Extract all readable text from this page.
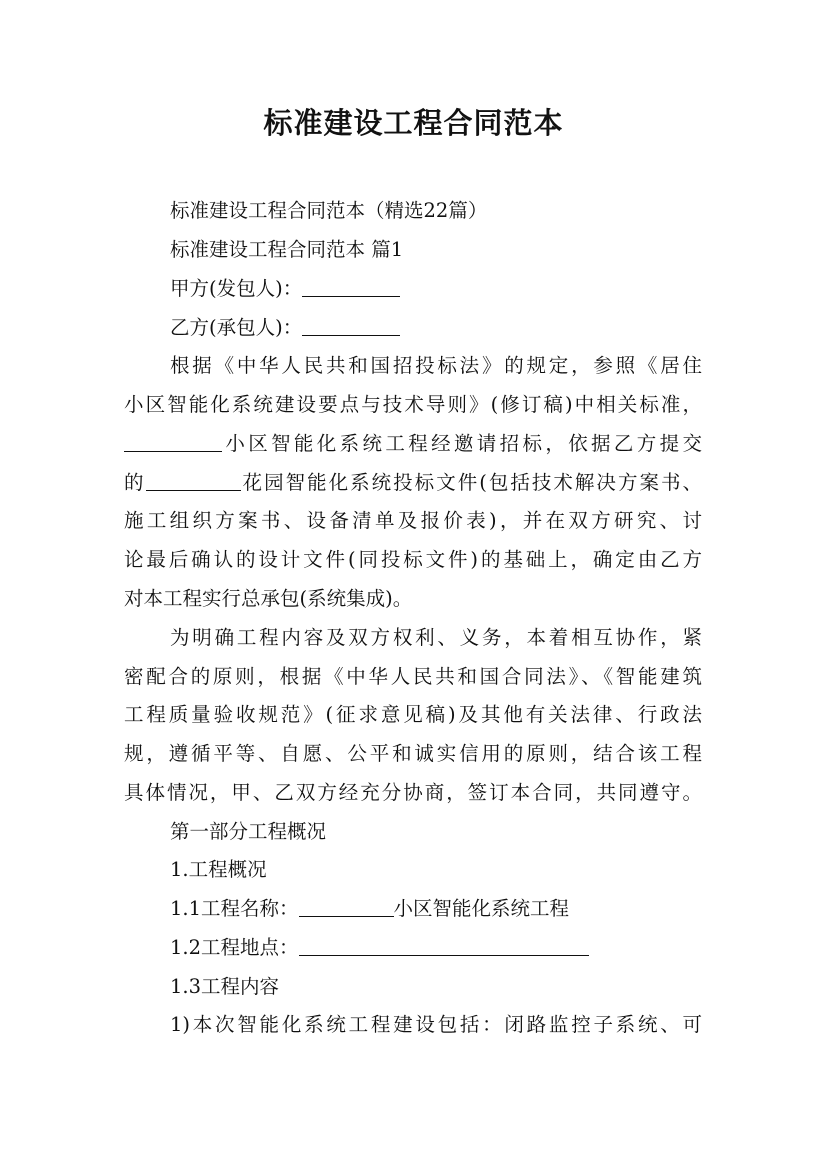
标准建设工程合同范本
标准建设工程合同范本（精选22篇）
标准建设工程合同范本 篇1
甲方(发包人)：
乙方(承包人)：
根据《中华人民共和国招投标法》的规定，参照《居住
小区智能化系统建设要点与技术导则》(修订稿)中相关标准，
小区智能化系统工程经邀请招标，依据乙方提交
的	花园智能化系统投标文件(包括技术解决方案书、
施工组织方案书、设备清单及报价表)，并在双方研究、讨
论最后确认的设计文件(同投标文件)的基础上，确定由乙方
对本工程实行总承包(系统集成)。
为明确工程内容及双方权利、义务，本着相互协作，紧
密配合的原则，根据《中华人民共和国合同法》、《智能建筑
工程质量验收规范》(征求意见稿)及其他有关法律、行政法
规，遵循平等、自愿、公平和诚实信用的原则，结合该工程
具体情况，甲、乙双方经充分协商，签订本合同，共同遵守。
第一部分工程概况
1.工程概况
1.1工程名称：	小区智能化系统工程
1.2工程地点：
1.3工程内容
1)本次智能化系统工程建设包括：闭路监控子系统、可
